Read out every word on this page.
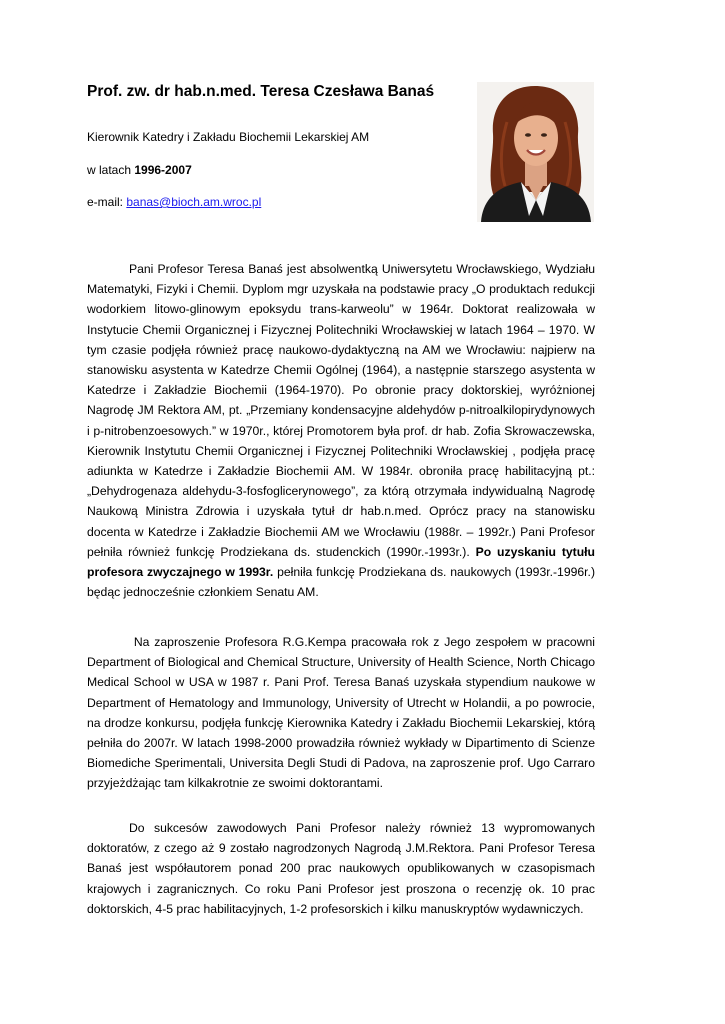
Prof. zw. dr hab.n.med. Teresa Czesława Banaś

Kierownik Katedry i Zakładu Biochemii Lekarskiej AM

w latach 1996-2007

e-mail: banas@bioch.am.wroc.pl

Pani Profesor Teresa Banaś jest absolwentką Uniwersytetu Wrocławskiego, Wydziału Matematyki, Fizyki i Chemii. Dyplom mgr uzyskała na podstawie pracy „O produktach redukcji wodorkiem litowo-glinowym epoksydu trans-karweolu” w 1964r. Doktorat realizowała w Instytucie Chemii Organicznej i Fizycznej Politechniki Wrocławskiej w latach 1964 – 1970. W tym czasie podjęła również pracę naukowo-dydaktyczną na AM we Wrocławiu: najpierw na stanowisku asystenta w Katedrze Chemii Ogólnej (1964), a następnie starszego asystenta w Katedrze i Zakładzie Biochemii (1964-1970). Po obronie pracy doktorskiej, wyróżnionej Nagrodę JM Rektora AM, pt. „Przemiany kondensacyjne aldehydów p-nitroalkilopirydynowych i p-nitrobenzoesowych.” w 1970r., której Promotorem była prof. dr hab. Zofia Skrowaczewska, Kierownik Instytutu Chemii Organicznej i Fizycznej Politechniki Wrocławskiej , podjęła pracę adiunkta w Katedrze i Zakładzie Biochemii AM. W 1984r. obroniła pracę habilitacyjną pt.: „Dehydrogenaza aldehydu-3-fosfoglicerynowego”, za którą otrzymała indywidualną Nagrodę Naukową Ministra Zdrowia i uzyskała tytuł dr hab.n.med. Oprócz pracy na stanowisku docenta w Katedrze i Zakładzie Biochemii AM we Wrocławiu (1988r. – 1992r.) Pani Profesor pełniła również funkcję Prodziekana ds. studenckich (1990r.-1993r.). Po uzyskaniu tytułu profesora zwyczajnego w 1993r. pełniła funkcję Prodziekana ds. naukowych (1993r.-1996r.) będąc jednocześnie członkiem Senatu AM.

Na zaproszenie Profesora R.G.Kempa pracowała rok z Jego zespołem w pracowni Department of Biological and Chemical Structure, University of Health Science, North Chicago Medical School w USA w 1987 r. Pani Prof. Teresa Banaś uzyskała stypendium naukowe w Department of Hematology and Immunology, University of Utrecht w Holandii, a po powrocie, na drodze konkursu, podjęła funkcję Kierownika Katedry i Zakładu Biochemii Lekarskiej, którą pełniła do 2007r. W latach 1998-2000 prowadziła również wykłady w Dipartimento di Scienze Biomediche Sperimentali, Universita Degli Studi di Padova, na zaproszenie prof. Ugo Carraro przyjeżdżając tam kilkakrotnie ze swoimi doktorantami.

Do sukcesów zawodowych Pani Profesor należy również 13 wypromowanych doktoratów, z czego aż 9 zostało nagrodzonych Nagrodą J.M.Rektora. Pani Profesor Teresa Banaś jest współautorem ponad 200 prac naukowych opublikowanych w czasopismach krajowych i zagranicznych. Co roku Pani Profesor jest proszona o recenzję ok. 10 prac doktorskich, 4-5 prac habilitacyjnych, 1-2 profesorskich i kilku manuskryptów wydawniczych.
